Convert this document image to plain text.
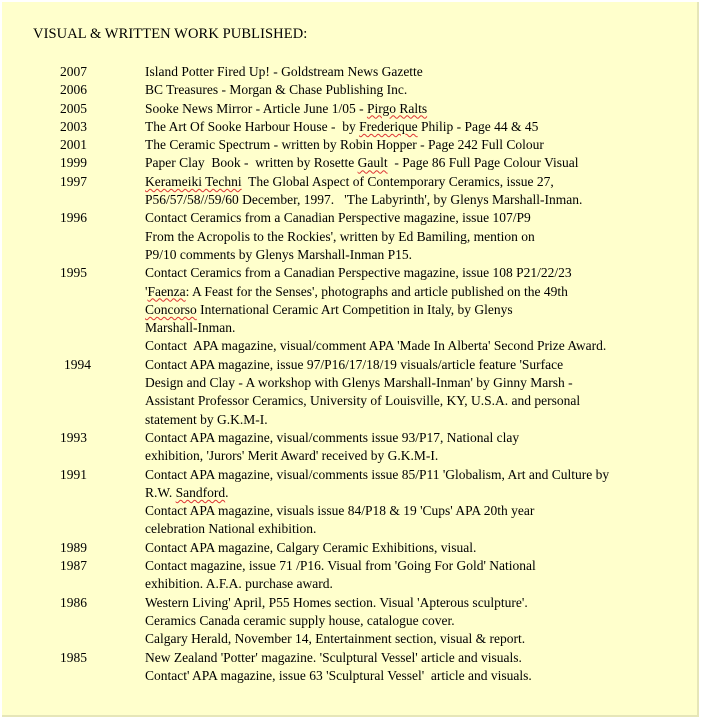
VISUAL & WRITTEN WORK PUBLISHED:
2007	Island Potter Fired Up! - Goldstream News Gazette
2006	BC Treasures - Morgan & Chase Publishing Inc.
2005	Sooke News Mirror - Article June 1/05 - Pirgo Ralts
2003	The Art Of Sooke Harbour House -  by Frederique Philip - Page 44 & 45
2001	The Ceramic Spectrum - written by Robin Hopper - Page 242 Full Colour
1999	Paper Clay  Book -  written by Rosette Gault  - Page 86 Full Page Colour Visual
1997	Kerameiki Techni  The Global Aspect of Contemporary Ceramics, issue 27,
P56/57/58//59/60 December, 1997.   'The Labyrinth', by Glenys Marshall-Inman.
1996	Contact Ceramics from a Canadian Perspective magazine, issue 107/P9
From the Acropolis to the Rockies', written by Ed Bamiling, mention on
P9/10 comments by Glenys Marshall-Inman P15.
1995	Contact Ceramics from a Canadian Perspective magazine, issue 108 P21/22/23
'Faenza: A Feast for the Senses', photographs and article published on the 49th
Concorso International Ceramic Art Competition in Italy, by Glenys
Marshall-Inman.
Contact  APA magazine, visual/comment APA 'Made In Alberta' Second Prize Award.
1994	Contact APA magazine, issue 97/P16/17/18/19 visuals/article feature 'Surface
Design and Clay - A workshop with Glenys Marshall-Inman' by Ginny Marsh -
Assistant Professor Ceramics, University of Louisville, KY, U.S.A. and personal
statement by G.K.M-I.
1993	Contact APA magazine, visual/comments issue 93/P17, National clay
exhibition, 'Jurors' Merit Award' received by G.K.M-I.
1991	Contact APA magazine, visual/comments issue 85/P11 'Globalism, Art and Culture by
R.W. Sandford.
Contact APA magazine, visuals issue 84/P18 & 19 'Cups' APA 20th year
celebration National exhibition.
1989	Contact APA magazine, Calgary Ceramic Exhibitions, visual.
1987	Contact magazine, issue 71 /P16. Visual from 'Going For Gold' National
exhibition. A.F.A. purchase award.
1986	Western Living' April, P55 Homes section. Visual 'Apterous sculpture'.
Ceramics Canada ceramic supply house, catalogue cover.
Calgary Herald, November 14, Entertainment section, visual & report.
1985	New Zealand 'Potter' magazine. 'Sculptural Vessel' article and visuals.
Contact' APA magazine, issue 63 'Sculptural Vessel'  article and visuals.
